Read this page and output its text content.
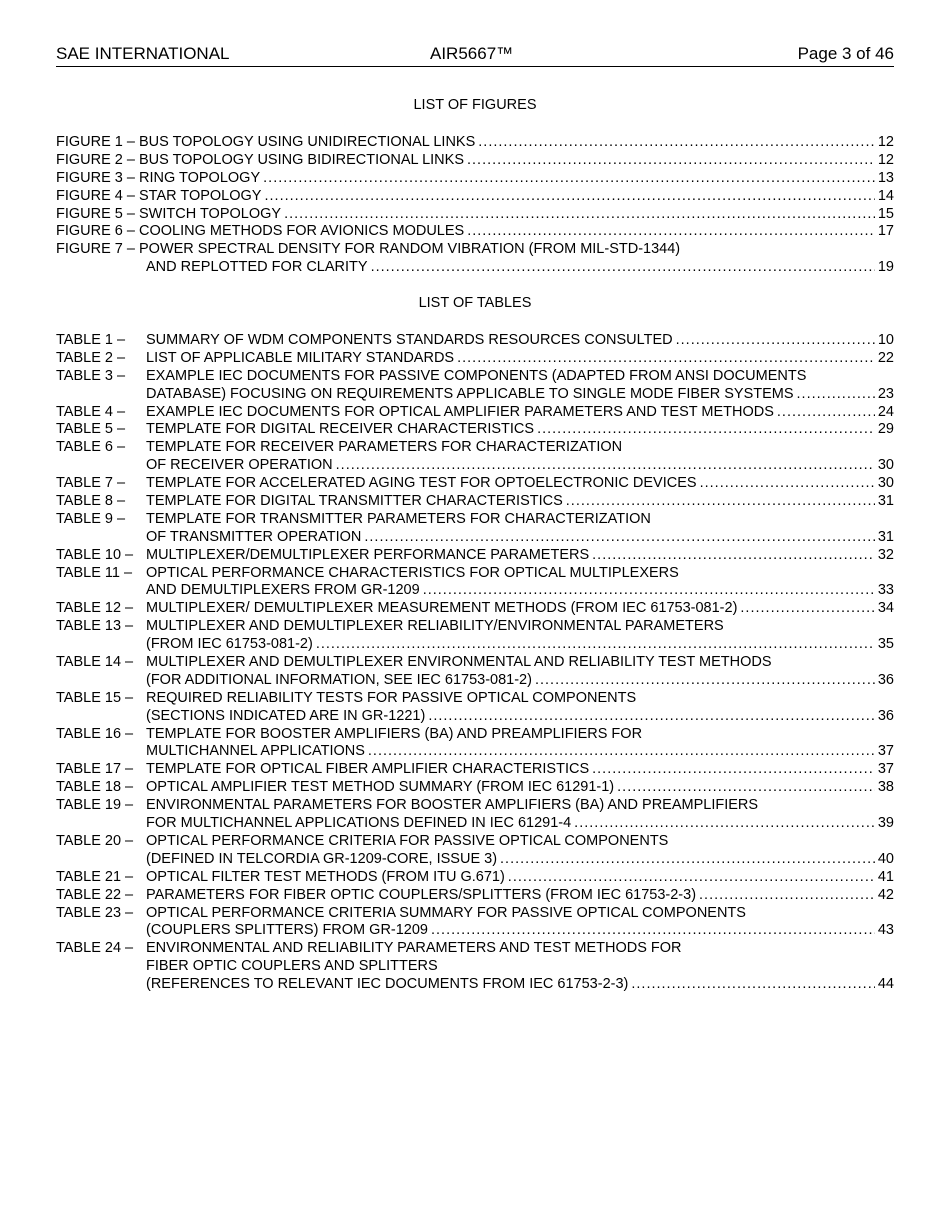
SAE INTERNATIONAL	AIR5667™	Page 3 of 46
LIST OF FIGURES
FIGURE 1 – BUS TOPOLOGY USING UNIDIRECTIONAL LINKS .....	12
FIGURE 2 – BUS TOPOLOGY USING BIDIRECTIONAL LINKS .....	12
FIGURE 3 – RING TOPOLOGY .....	13
FIGURE 4 – STAR TOPOLOGY .....	14
FIGURE 5 – SWITCH TOPOLOGY .....	15
FIGURE 6 – COOLING METHODS FOR AVIONICS MODULES .....	17
FIGURE 7 – POWER SPECTRAL DENSITY FOR RANDOM VIBRATION (FROM MIL-STD-1344)
AND REPLOTTED FOR CLARITY .....	19
LIST OF TABLES
TABLE 1 –	SUMMARY OF WDM COMPONENTS STANDARDS RESOURCES CONSULTED .....	10
TABLE 2 –	LIST OF APPLICABLE MILITARY STANDARDS .....	22
TABLE 3 –	EXAMPLE IEC DOCUMENTS FOR PASSIVE COMPONENTS (ADAPTED FROM ANSI DOCUMENTS
DATABASE) FOCUSING ON REQUIREMENTS APPLICABLE TO SINGLE MODE FIBER SYSTEMS .....	23
TABLE 4 –	EXAMPLE IEC DOCUMENTS FOR OPTICAL AMPLIFIER PARAMETERS AND TEST METHODS .....	24
TABLE 5 –	TEMPLATE FOR DIGITAL RECEIVER CHARACTERISTICS .....	29
TABLE 6 –	TEMPLATE FOR RECEIVER PARAMETERS FOR CHARACTERIZATION
OF RECEIVER OPERATION .....	30
TABLE 7 –	TEMPLATE FOR ACCELERATED AGING TEST FOR OPTOELECTRONIC DEVICES .....	30
TABLE 8 –	TEMPLATE FOR DIGITAL TRANSMITTER CHARACTERISTICS .....	31
TABLE 9 –	TEMPLATE FOR TRANSMITTER PARAMETERS FOR CHARACTERIZATION
OF TRANSMITTER OPERATION .....	31
TABLE 10 – MULTIPLEXER/DEMULTIPLEXER PERFORMANCE PARAMETERS .....	32
TABLE 11 – OPTICAL PERFORMANCE CHARACTERISTICS FOR OPTICAL MULTIPLEXERS
AND DEMULTIPLEXERS FROM GR-1209 .....	33
TABLE 12 – MULTIPLEXER/ DEMULTIPLEXER MEASUREMENT METHODS (FROM IEC 61753-081-2) .....	34
TABLE 13 – MULTIPLEXER AND DEMULTIPLEXER RELIABILITY/ENVIRONMENTAL PARAMETERS
(FROM IEC 61753-081-2) .....	35
TABLE 14 – MULTIPLEXER AND DEMULTIPLEXER ENVIRONMENTAL AND RELIABILITY TEST METHODS
(FOR ADDITIONAL INFORMATION, SEE IEC 61753-081-2) .....	36
TABLE 15 – REQUIRED RELIABILITY TESTS FOR PASSIVE OPTICAL COMPONENTS
(SECTIONS INDICATED ARE IN GR-1221) .....	36
TABLE 16 – TEMPLATE FOR BOOSTER AMPLIFIERS (BA) AND PREAMPLIFIERS FOR
MULTICHANNEL APPLICATIONS .....	37
TABLE 17 – TEMPLATE FOR OPTICAL FIBER AMPLIFIER CHARACTERISTICS .....	37
TABLE 18 – OPTICAL AMPLIFIER TEST METHOD SUMMARY (FROM IEC 61291-1) .....	38
TABLE 19 – ENVIRONMENTAL PARAMETERS FOR BOOSTER AMPLIFIERS (BA) AND PREAMPLIFIERS
FOR MULTICHANNEL APPLICATIONS DEFINED IN IEC 61291-4 .....	39
TABLE 20 – OPTICAL PERFORMANCE CRITERIA FOR PASSIVE OPTICAL COMPONENTS
(DEFINED IN TELCORDIA GR-1209-CORE, ISSUE 3) .....	40
TABLE 21 – OPTICAL FILTER TEST METHODS (FROM ITU G.671) .....	41
TABLE 22 – PARAMETERS FOR FIBER OPTIC COUPLERS/SPLITTERS (FROM IEC 61753-2-3) .....	42
TABLE 23 – OPTICAL PERFORMANCE CRITERIA SUMMARY FOR PASSIVE OPTICAL COMPONENTS
(COUPLERS SPLITTERS) FROM GR-1209 .....	43
TABLE 24 – ENVIRONMENTAL AND RELIABILITY PARAMETERS AND TEST METHODS FOR
FIBER OPTIC COUPLERS AND SPLITTERS
(REFERENCES TO RELEVANT IEC DOCUMENTS FROM IEC 61753-2-3) .....	44
